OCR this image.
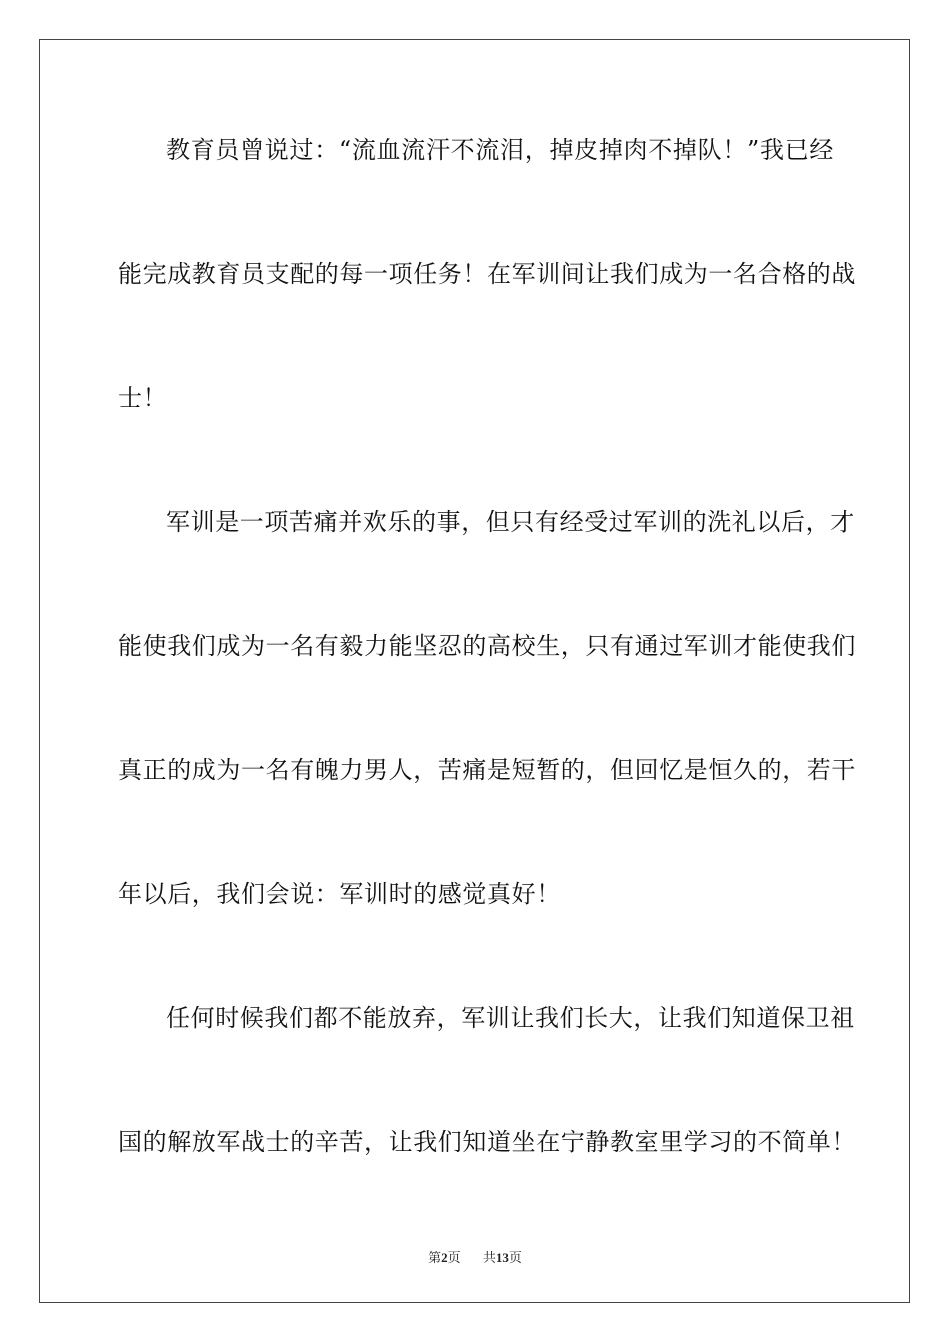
教育员曾说过：“流血流汗不流泪，掉皮掉肉不掉队！”我已经
能完成教育员支配的每一项任务！在军训间让我们成为一名合格的战
士！
军训是一项苦痛并欢乐的事，但只有经受过军训的洗礼以后，才
能使我们成为一名有毅力能坚忍的高校生，只有通过军训才能使我们
真正的成为一名有魄力男人，苦痛是短暂的，但回忆是恒久的，若干
年以后，我们会说：军训时的感觉真好！
任何时候我们都不能放弃，军训让我们长大，让我们知道保卫祖
国的解放军战士的辛苦，让我们知道坐在宁静教室里学习的不简单！
第2页 共13页
